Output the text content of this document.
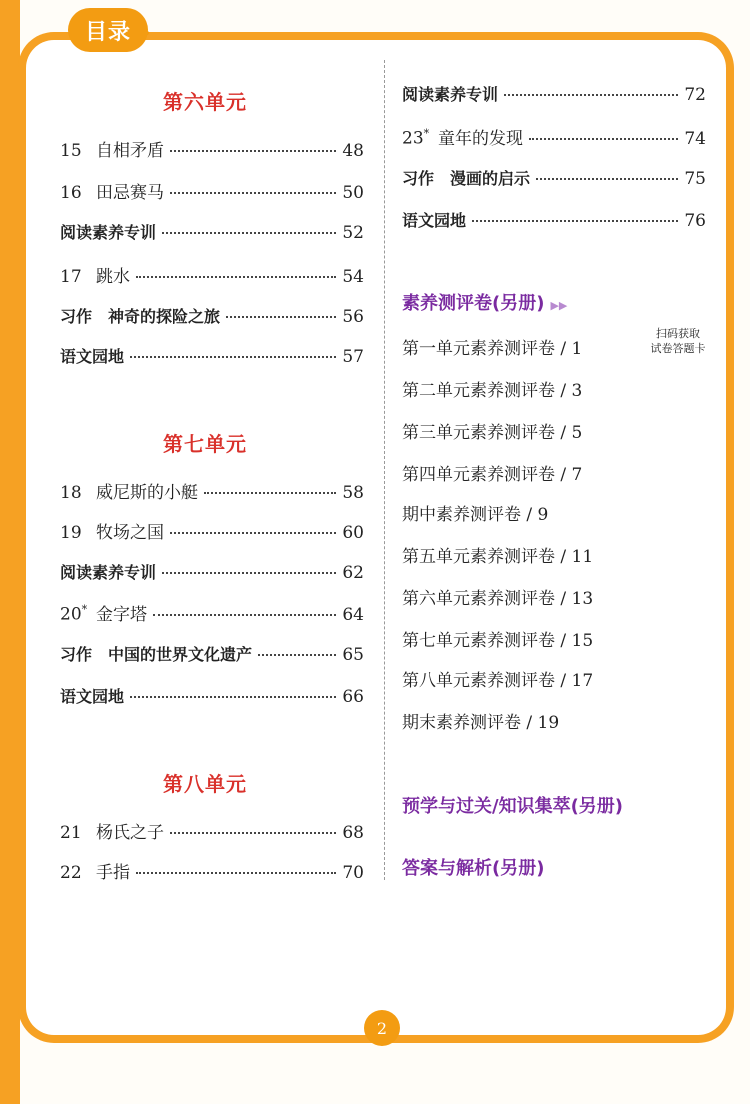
目录
第六单元
15 自相矛盾	48
16 田忌赛马	50
阅读素养专训	52
17 跳水	54
习作　神奇的探险之旅	56
语文园地	57
第七单元
18 威尼斯的小艇	58
19 牧场之国	60
阅读素养专训	62
20* 金字塔	64
习作　中国的世界文化遗产	65
语文园地	66
第八单元
21 杨氏之子	68
22 手指	70
阅读素养专训	72
23* 童年的发现	74
习作　漫画的启示	75
语文园地	76
素养测评卷(另册) ▶▶
扫码获取
试卷答题卡
第一单元素养测评卷 / 1
第二单元素养测评卷 / 3
第三单元素养测评卷 / 5
第四单元素养测评卷 / 7
期中素养测评卷 / 9
第五单元素养测评卷 / 11
第六单元素养测评卷 / 13
第七单元素养测评卷 / 15
第八单元素养测评卷 / 17
期末素养测评卷 / 19
预学与过关/知识集萃(另册)
答案与解析(另册)
2
